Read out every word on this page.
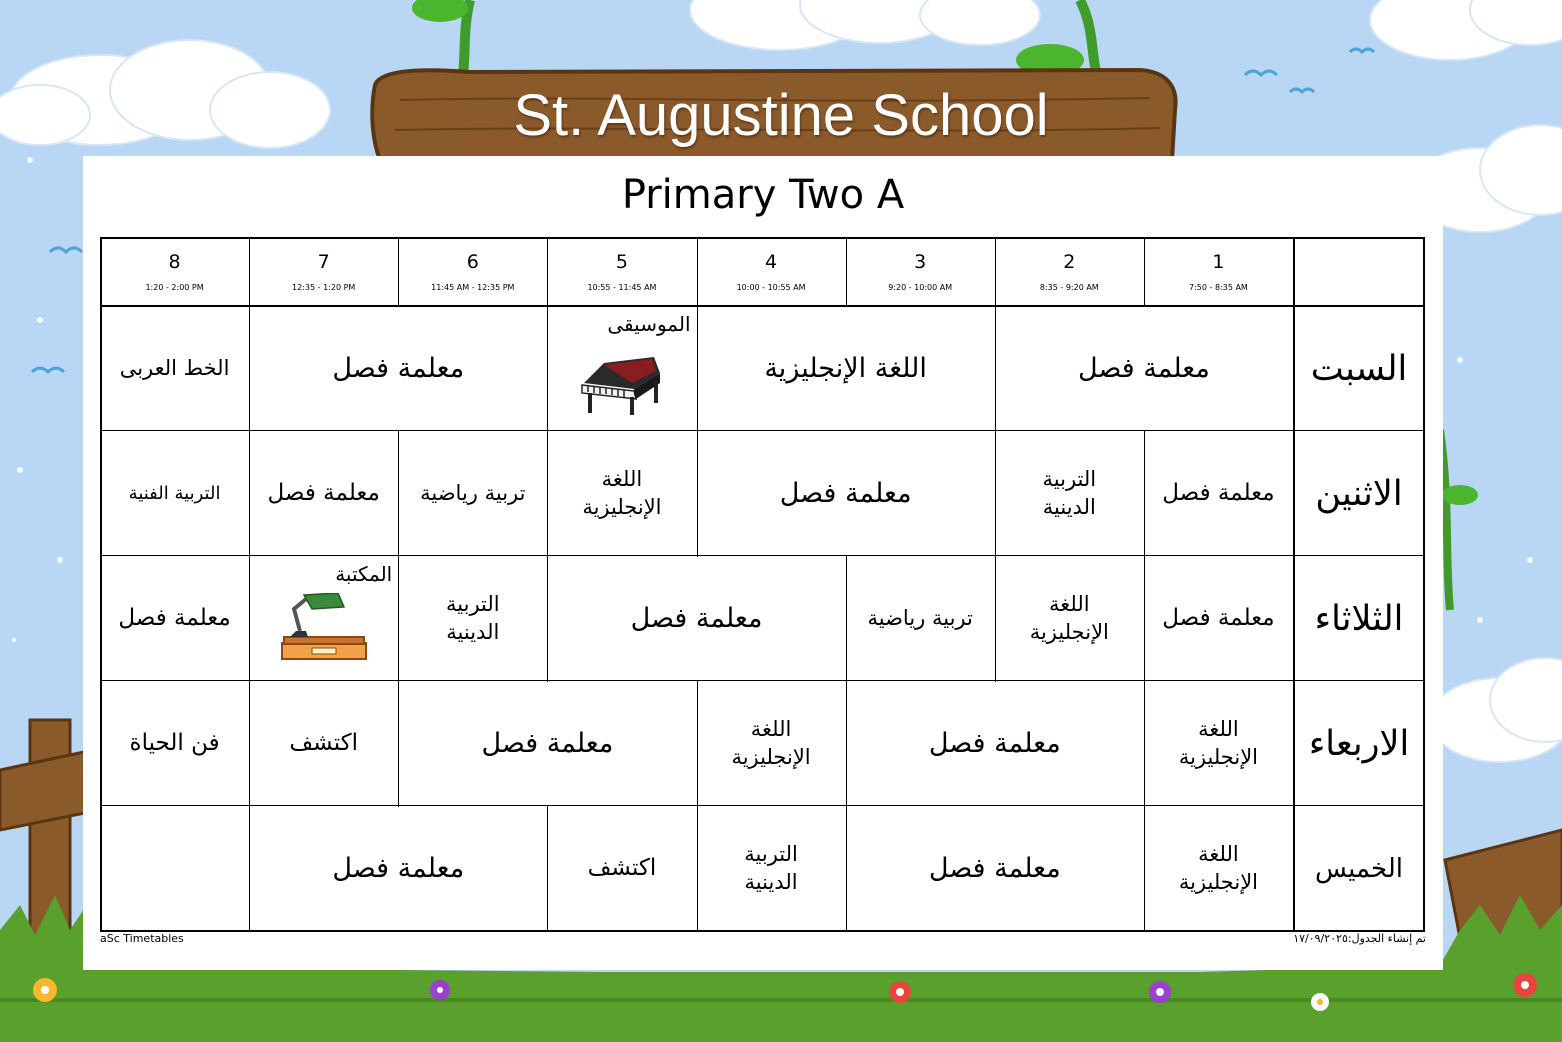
St. Augustine School
Primary Two A
1
7:50 - 8:35 AM
2
8:35 - 9:20 AM
3
9:20 - 10:00 AM
4
10:00 - 10:55 AM
5
10:55 - 11:45 AM
6
11:45 AM - 12:35 PM
7
12:35 - 1:20 PM
8
1:20 - 2:00 PM
السبت
معلمة فصل
اللغة الإنجليزية
الموسيقى
معلمة فصل
الخط العربى
الاثنين
معلمة فصل
التربية الدينية
معلمة فصل
اللغة الإنجليزية
تربية رياضية
معلمة فصل
التربية الفنية
الثلاثاء
معلمة فصل
اللغة الإنجليزية
تربية رياضية
معلمة فصل
التربية الدينية
المكتبة
معلمة فصل
الاربعاء
اللغة الإنجليزية
معلمة فصل
اللغة الإنجليزية
معلمة فصل
اكتشف
فن الحياة
الخميس
اللغة الإنجليزية
معلمة فصل
التربية الدينية
اكتشف
معلمة فصل
aSc Timetables	تم إنشاء الجدول:١٧/٠٩/٢٠٢٥
